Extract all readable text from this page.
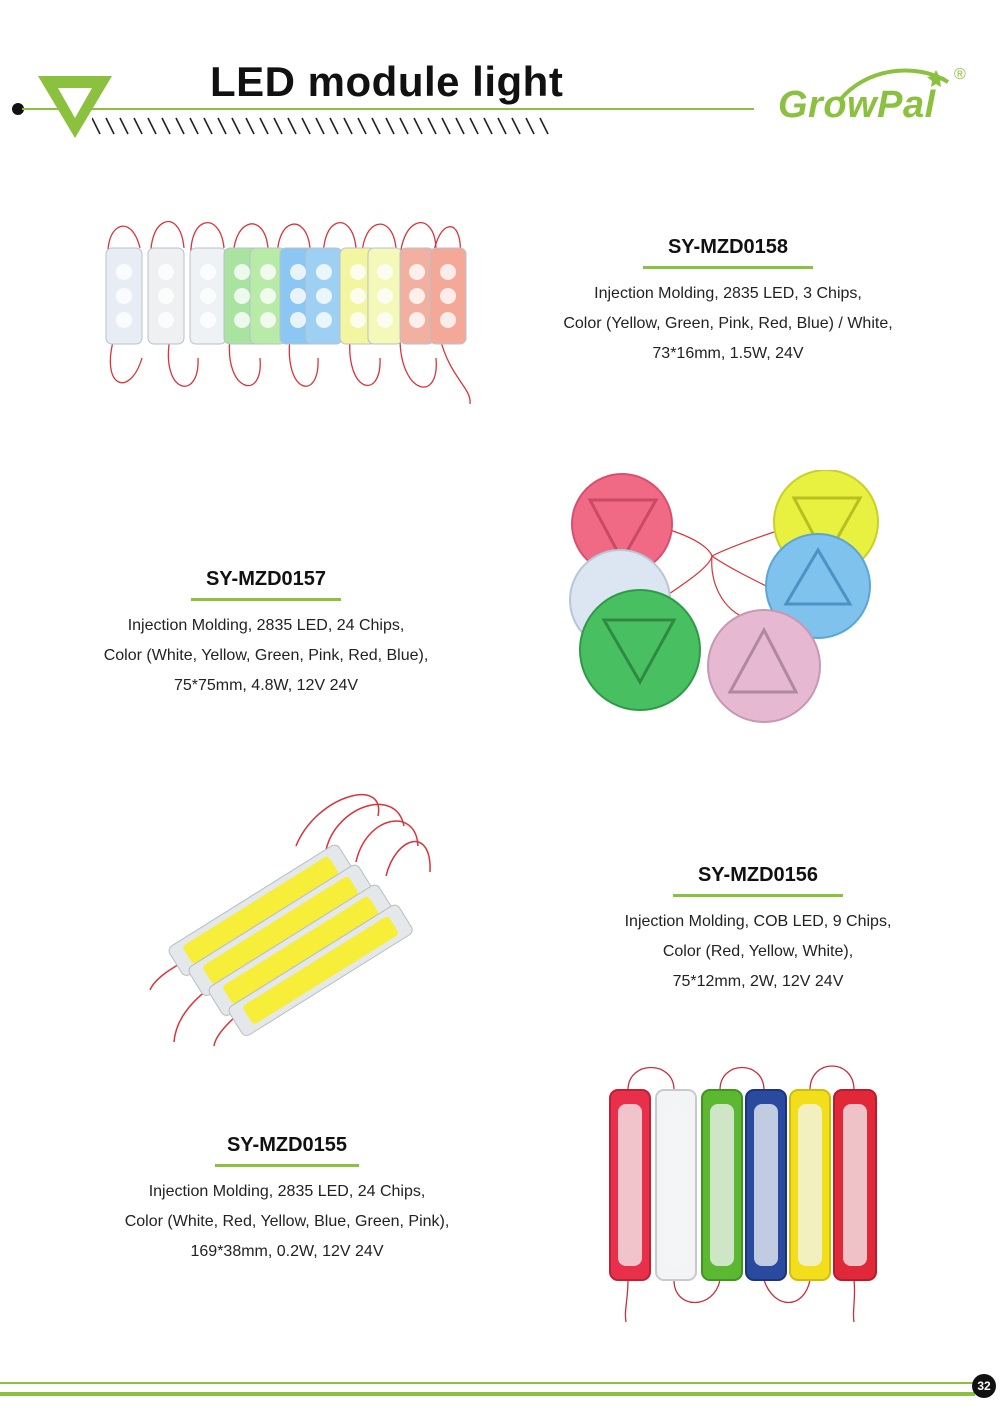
LED module light	GrowPal
®
SY-MZD0158
Injection Molding, 2835 LED, 3 Chips,
Color (Yellow, Green, Pink, Red, Blue) / White,
73*16mm, 1.5W, 24V
SY-MZD0157
Injection Molding, 2835 LED, 24 Chips,
Color (White, Yellow, Green, Pink, Red, Blue),
75*75mm, 4.8W, 12V 24V
SY-MZD0156
Injection Molding, COB LED, 9 Chips,
Color (Red, Yellow, White),
75*12mm, 2W, 12V 24V
SY-MZD0155
Injection Molding, 2835 LED, 24 Chips,
Color (White, Red, Yellow, Blue, Green, Pink),
169*38mm, 0.2W, 12V 24V
32
